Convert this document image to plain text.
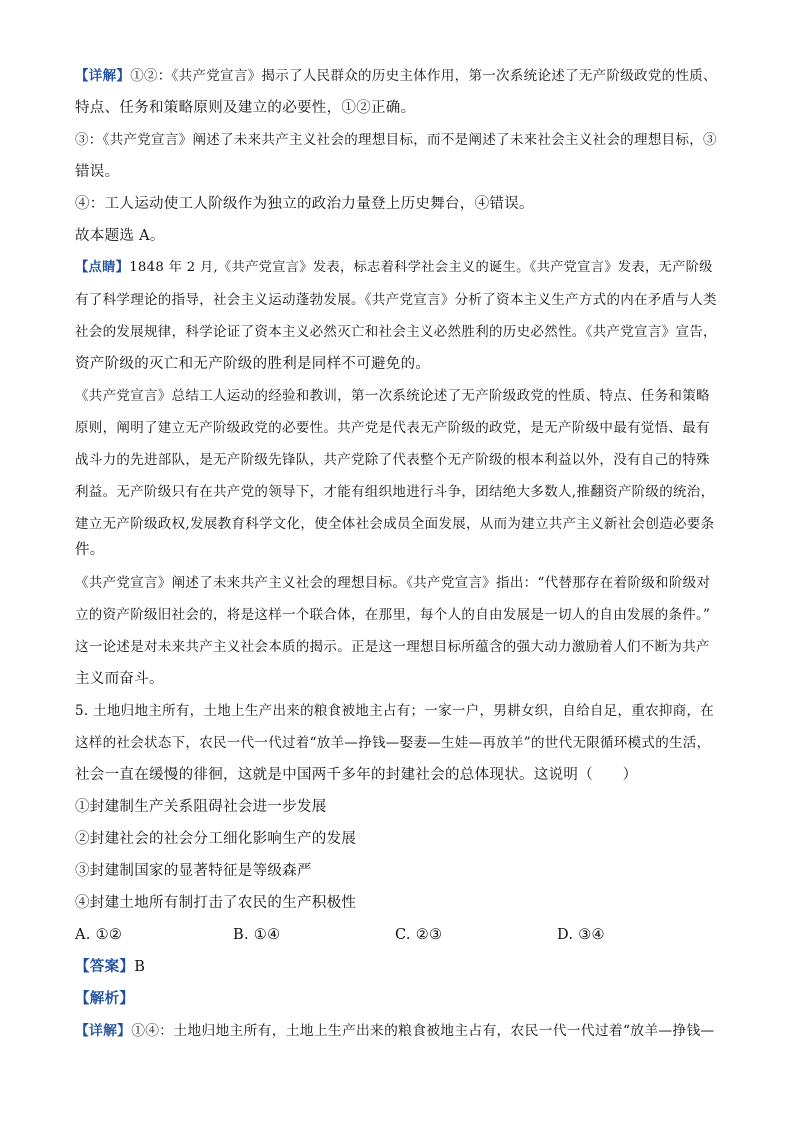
【详解】①②：《共产党宣言》揭示了人民群众的历史主体作用，第一次系统论述了无产阶级政党的性质、
特点、任务和策略原则及建立的必要性，①②正确。
③：《共产党宣言》阐述了未来共产主义社会的理想目标，而不是阐述了未来社会主义社会的理想目标，③
错误。
④：工人运动使工人阶级作为独立的政治力量登上历史舞台，④错误。
故本题选 A。
【点睛】1848 年 2 月,《共产党宣言》发表，标志着科学社会主义的诞生。《共产党宣言》发表，无产阶级
有了科学理论的指导，社会主义运动蓬勃发展。《共产党宣言》分析了资本主义生产方式的内在矛盾与人类
社会的发展规律，科学论证了资本主义必然灭亡和社会主义必然胜利的历史必然性。《共产党宣言》宣告，
资产阶级的灭亡和无产阶级的胜利是同样不可避免的。
《共产党宣言》总结工人运动的经验和教训，第一次系统论述了无产阶级政党的性质、特点、任务和策略
原则，阐明了建立无产阶级政党的必要性。共产党是代表无产阶级的政党，是无产阶级中最有觉悟、最有
战斗力的先进部队，是无产阶级先锋队，共产党除了代表整个无产阶级的根本利益以外，没有自己的特殊
利益。无产阶级只有在共产党的领导下，才能有组织地进行斗争，团结绝大多数人,推翻资产阶级的统治，
建立无产阶级政权,发展教育科学文化，使全体社会成员全面发展，从而为建立共产主义新社会创造必要条
件。
《共产党宣言》阐述了未来共产主义社会的理想目标。《共产党宣言》指出：“代替那存在着阶级和阶级对
立的资产阶级旧社会的，将是这样一个联合体，在那里，每个人的自由发展是一切人的自由发展的条件。”
这一论述是对未来共产主义社会本质的揭示。正是这一理想目标所蕴含的强大动力激励着人们不断为共产
主义而奋斗。
5. 土地归地主所有，土地上生产出来的粮食被地主占有；一家一户，男耕女织，自给自足，重农抑商，在
这样的社会状态下，农民一代一代过着“放羊—挣钱—娶妻—生娃—再放羊”的世代无限循环模式的生活，
社会一直在缓慢的徘徊，这就是中国两千多年的封建社会的总体现状。这说明（　　）
①封建制生产关系阻碍社会进一步发展
②封建社会的社会分工细化影响生产的发展
③封建制国家的显著特征是等级森严
④封建土地所有制打击了农民的生产积极性
A. ①②	B. ①④	C. ②③	D. ③④
【答案】B
【解析】
【详解】①④：土地归地主所有，土地上生产出来的粮食被地主占有，农民一代一代过着“放羊—挣钱—
